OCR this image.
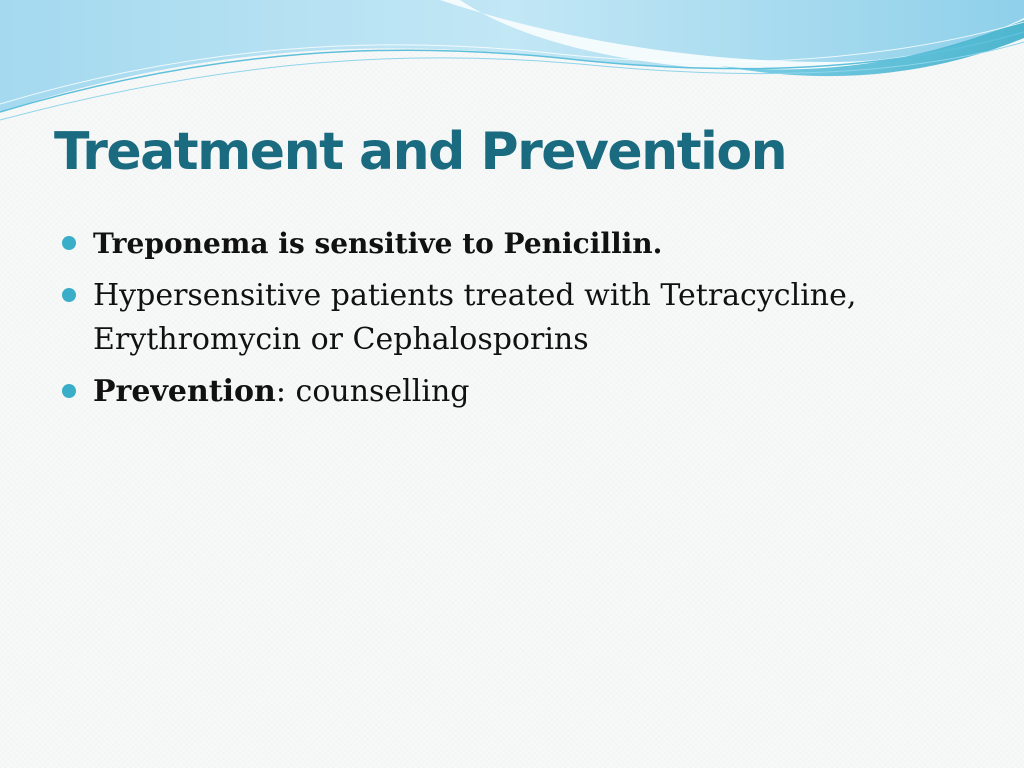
Treatment and Prevention
Treponema is sensitive to Penicillin.
Hypersensitive patients treated with Tetracycline, Erythromycin or Cephalosporins
Prevention: counselling
